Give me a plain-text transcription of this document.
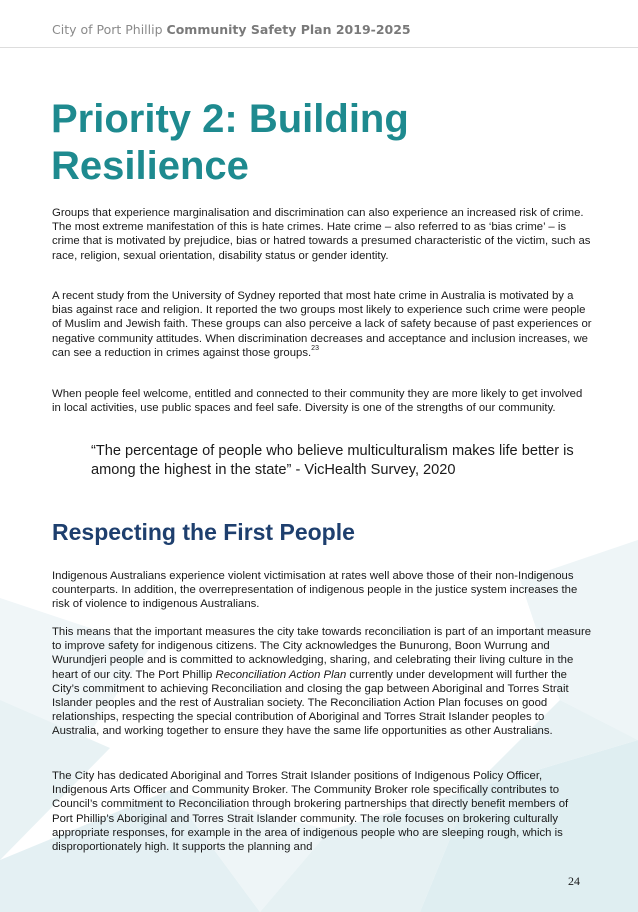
City of Port Phillip Community Safety Plan 2019-2025
Priority 2: Building Resilience

Groups that experience marginalisation and discrimination can also experience an increased risk of crime. The most extreme manifestation of this is hate crimes. Hate crime – also referred to as ‘bias crime’ – is crime that is motivated by prejudice, bias or hatred towards a presumed characteristic of the victim, such as race, religion, sexual orientation, disability status or gender identity.

A recent study from the University of Sydney reported that most hate crime in Australia is motivated by a bias against race and religion. It reported the two groups most likely to experience such crime were people of Muslim and Jewish faith. These groups can also perceive a lack of safety because of past experiences or negative community attitudes. When discrimination decreases and acceptance and inclusion increases, we can see a reduction in crimes against those groups.$^{23}$

When people feel welcome, entitled and connected to their community they are more likely to get involved in local activities, use public spaces and feel safe. Diversity is one of the strengths of our community.

“The percentage of people who believe multiculturalism makes life better is among the highest in the state” - VicHealth Survey, 2020

Respecting the First People

Indigenous Australians experience violent victimisation at rates well above those of their non-Indigenous counterparts. In addition, the overrepresentation of indigenous people in the justice system increases the risk of violence to indigenous Australians.

This means that the important measures the city take towards reconciliation is part of an important measure to improve safety for indigenous citizens. The City acknowledges the Bunurong, Boon Wurrung and Wurundjeri people and is committed to acknowledging, sharing, and celebrating their living culture in the heart of our city. The Port Phillip Reconciliation Action Plan currently under development will further the City’s commitment to achieving Reconciliation and closing the gap between Aboriginal and Torres Strait Islander peoples and the rest of Australian society. The Reconciliation Action Plan focuses on good relationships, respecting the special contribution of Aboriginal and Torres Strait Islander peoples to Australia, and working together to ensure they have the same life opportunities as other Australians.

The City has dedicated Aboriginal and Torres Strait Islander positions of Indigenous Policy Officer, Indigenous Arts Officer and Community Broker. The Community Broker role specifically contributes to Council’s commitment to Reconciliation through brokering partnerships that directly benefit members of Port Phillip’s Aboriginal and Torres Strait Islander community. The role focuses on brokering culturally appropriate responses, for example in the area of indigenous people who are sleeping rough, which is disproportionately high. It supports the planning and

24
